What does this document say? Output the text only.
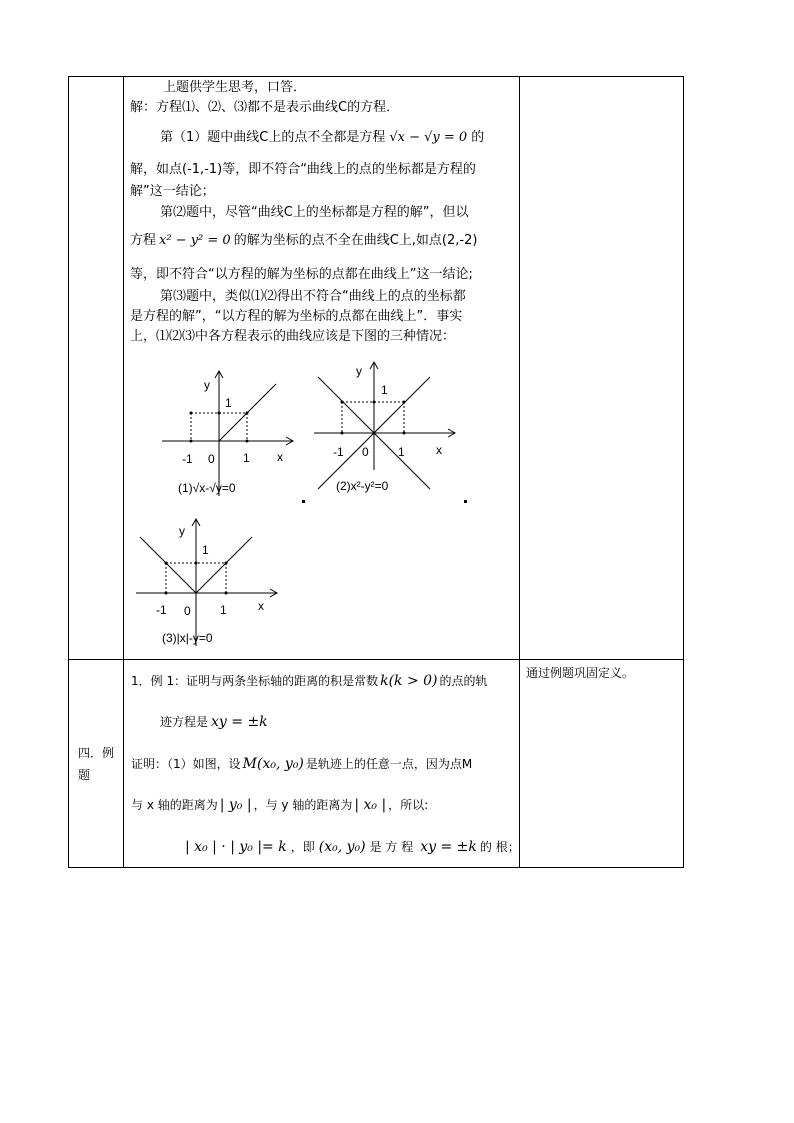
上题供学生思考，口答．
解：方程⑴、⑵、⑶都不是表示曲线C的方程．
第（1）题中曲线C上的点不全都是方程 √x − √y = 0 的
解，如点(-1,-1)等，即不符合“曲线上的点的坐标都是方程的
解”这一结论；
第⑵题中，尽管“曲线C上的坐标都是方程的解”，但以
方程 x² − y² = 0 的解为坐标的点不全在曲线C上,如点(2,-2)
等，即不符合“以方程的解为坐标的点都在曲线上”这一结论;
第⑶题中，类似⑴⑵得出不符合“曲线上的点的坐标都
是方程的解”，“以方程的解为坐标的点都在曲线上”．事实
上，⑴⑵⑶中各方程表示的曲线应该是下图的三种情况：
y
1
-1 0 1 x
(1)√x-√y=0
y
1
-1 0 1	x
(2)x²-y²=0
y
1
-1 0 1	x
(3)|x|-y=0
四．例
题
1．例 1：证明与两条坐标轴的距离的积是常数 k(k > 0) 的点的轨
迹方程是 xy = ±k
证明：（1）如图，设 M(x₀, y₀) 是轨迹上的任意一点，因为点M
与 x 轴的距离为 | y₀ | ，与 y 轴的距离为 | x₀ | ，所以:
| x₀ | · | y₀ |= k ，即 (x₀, y₀) 是 方 程 xy = ±k 的 根；
通过例题巩固定义。
